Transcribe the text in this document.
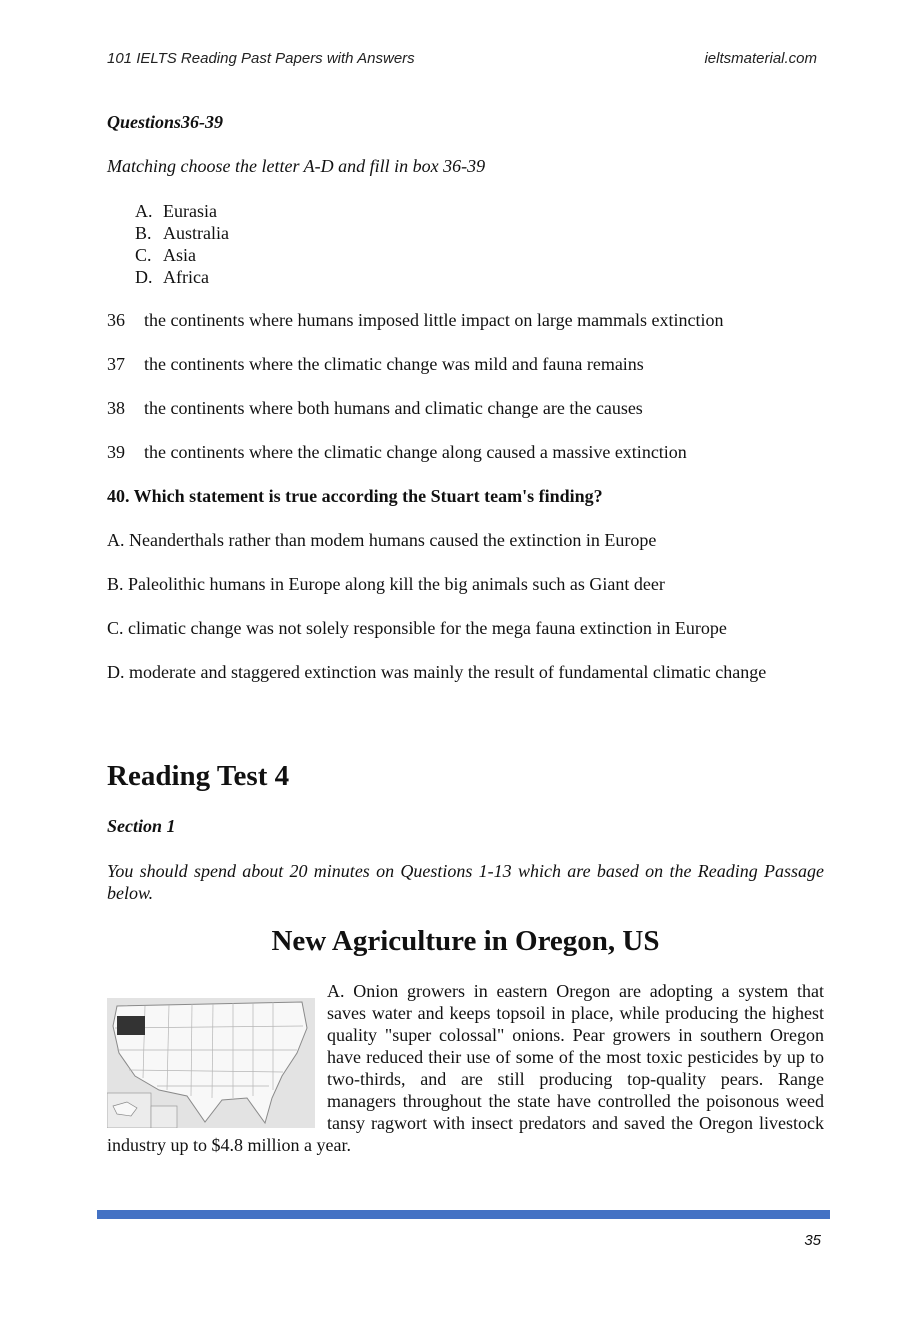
101 IELTS Reading Past Papers with Answers	ieltsmaterial.com
Questions36-39
Matching choose the letter A-D and fill in box 36-39
A. Eurasia
B. Australia
C. Asia
D. Africa
36 the continents where humans imposed little impact on large mammals extinction
37 the continents where the climatic change was mild and fauna remains
38 the continents where both humans and climatic change are the causes
39 the continents where the climatic change along caused a massive extinction
40. Which statement is true according the Stuart team's finding?
A. Neanderthals rather than modem humans caused the extinction in Europe
B. Paleolithic humans in Europe along kill the big animals such as Giant deer
C. climatic change was not solely responsible for the mega fauna extinction in Europe
D. moderate and staggered extinction was mainly the result of fundamental climatic change
Reading Test 4
Section 1
You should spend about 20 minutes on Questions 1-13 which are based on the Reading Passage below.
New Agriculture in Oregon, US
A. Onion growers in eastern Oregon are adopting a system that saves water and keeps topsoil in place, while producing the highest quality "super colossal" onions. Pear growers in southern Oregon have reduced their use of some of the most toxic pesticides by up to two-thirds, and are still producing top-quality pears. Range managers throughout the state have controlled the poisonous weed tansy ragwort with insect predators and saved the Oregon livestock industry up to $4.8 million a year.
35
